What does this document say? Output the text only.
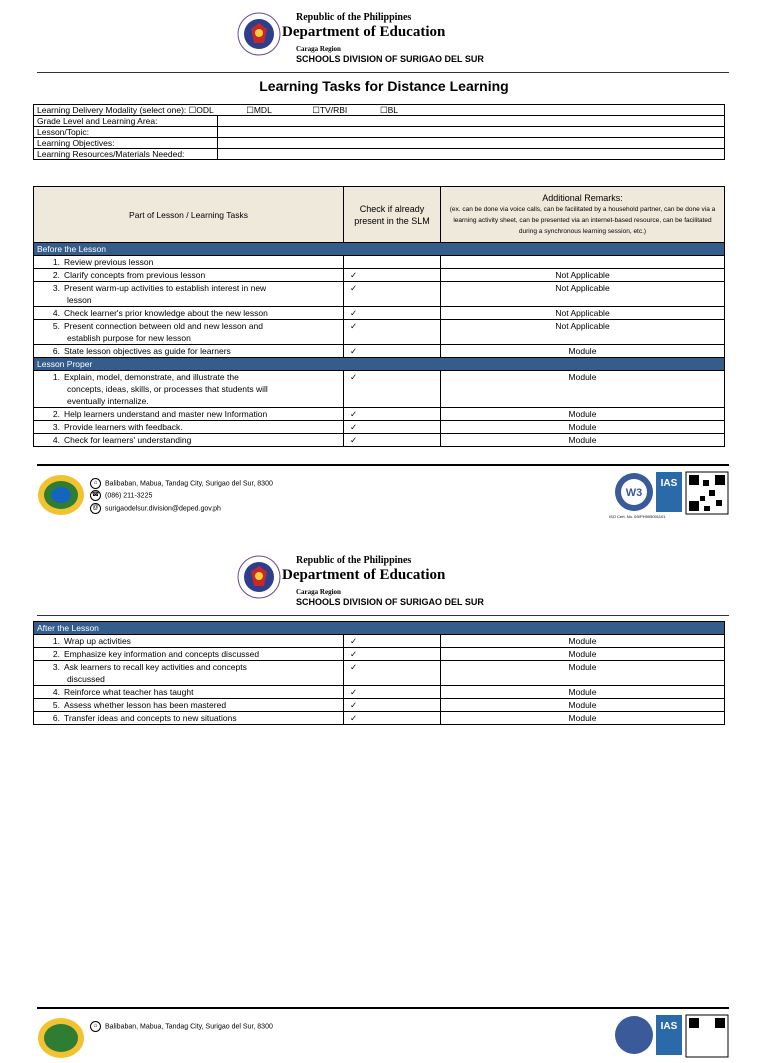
Republic of the Philippines
Department of Education
Caraga Region
SCHOOLS DIVISION OF SURIGAO DEL SUR
Learning Tasks for Distance Learning
Learning Delivery Modality (select one): ☐ODL ☐MDL ☐TV/RBI ☐BL	
Grade Level and Learning Area:	
Lesson/Topic:	
Learning Objectives:	
Learning Resources/Materials Needed:	
Part of Lesson / Learning Tasks	Check if already present in the SLM	Additional Remarks:
(ex. can be done via voice calls, can be facilitated by a household partner, can be done via a learning activity sheet, can be presented via an internet-based resource, can be facilitated during a synchronous learning session, etc.)

Before the Lesson		
1. Review previous lesson		
2. Clarify concepts from previous lesson	✓	Not Applicable
3. Present warm-up activities to establish interest in new lesson	✓	Not Applicable
4. Check learner's prior knowledge about the new lesson	✓	Not Applicable
5. Present connection between old and new lesson and establish purpose for new lesson	✓	Not Applicable
6. State lesson objectives as guide for learners	✓	Module
Lesson Proper		
1. Explain, model, demonstrate, and illustrate the concepts, ideas, skills, or processes that students will eventually internalize.	✓	Module
2. Help learners understand and master new Information	✓	Module
3. Provide learners with feedback.	✓	Module
4. Check for learners' understanding	✓	Module
⌂ Balibaban, Mabua, Tandag City, Surigao del Sur, 8300
☎ (086) 211-3225
@ surigaodelsur.division@deped.gov.ph
W3
IAS
ISO Cert. No. 0S/PH905001101
Republic of the Philippines
Department of Education
Caraga Region
SCHOOLS DIVISION OF SURIGAO DEL SUR
After the Lesson		
1. Wrap up activities	✓	Module
2. Emphasize key information and concepts discussed	✓	Module
3. Ask learners to recall key activities and concepts discussed	✓	Module
4. Reinforce what teacher has taught	✓	Module
5. Assess whether lesson has been mastered	✓	Module
6. Transfer ideas and concepts to new situations	✓	Module
⌂ Balibaban, Mabua, Tandag City, Surigao del Sur, 8300	IAS
